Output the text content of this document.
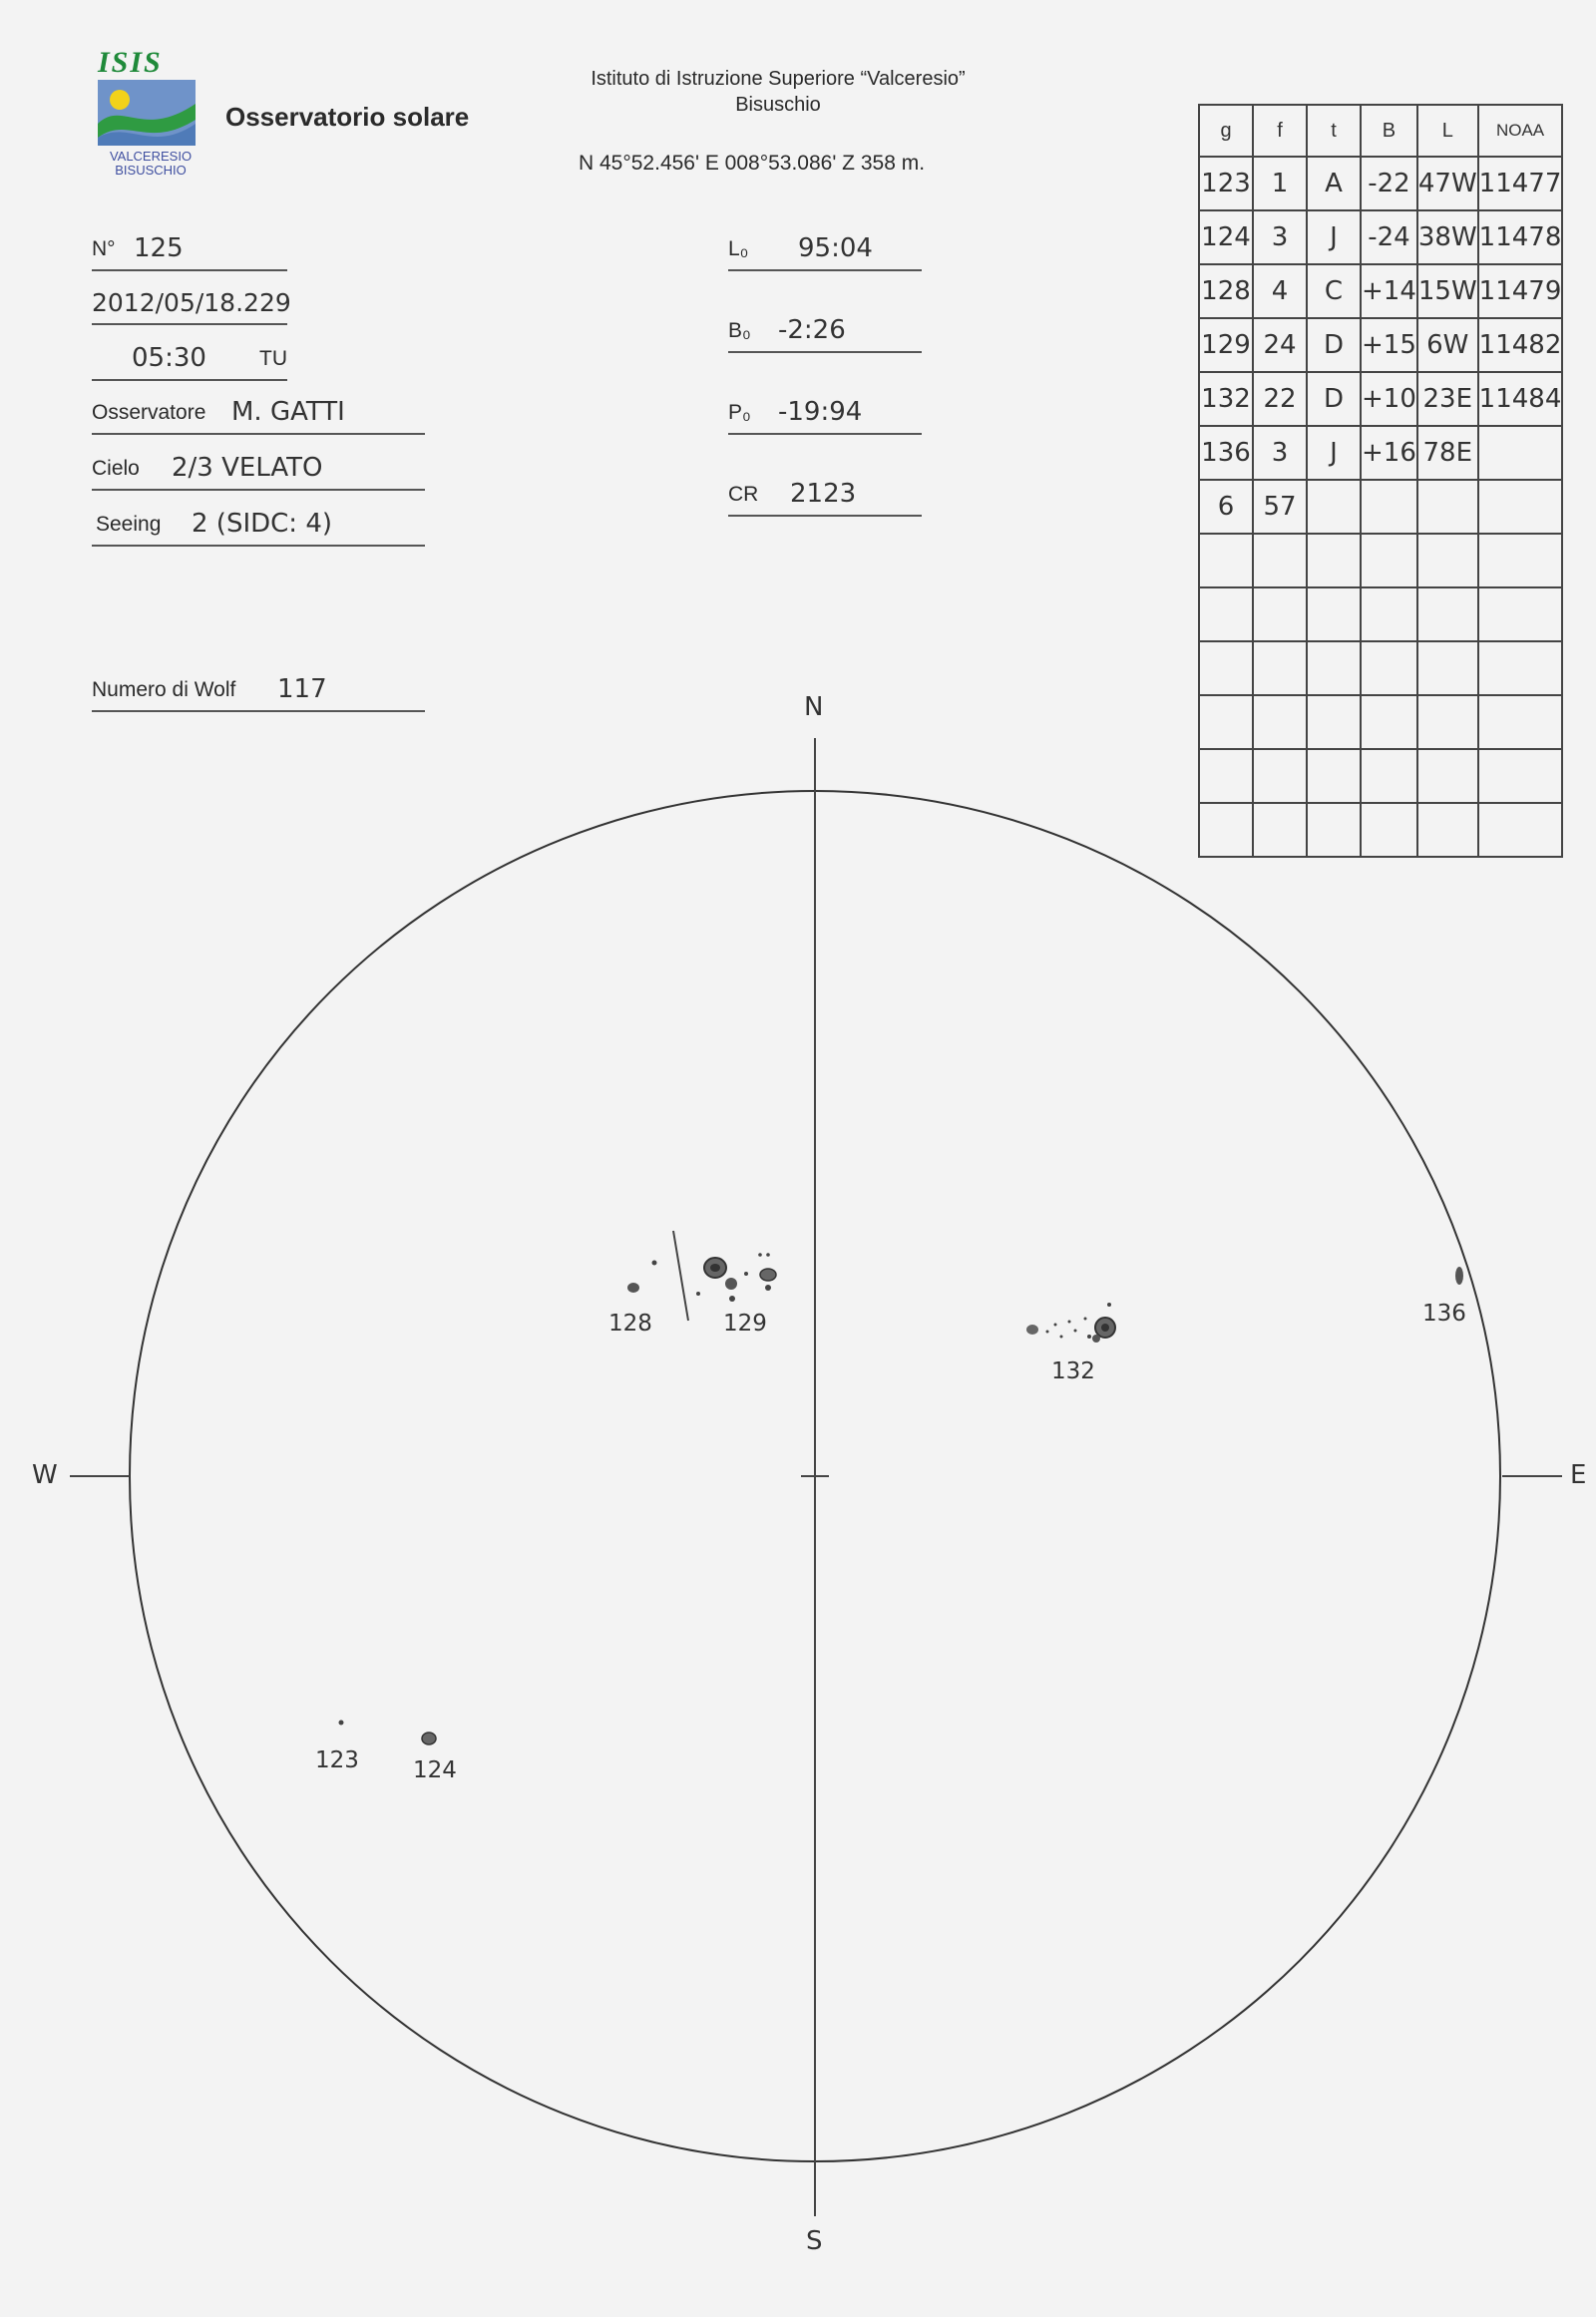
ISIS
VALCERESIO
BISUSCHIO
Osservatorio solare
Istituto di Istruzione Superiore “Valceresio”
Bisuschio
N 45°52.456' E 008°53.086' Z 358 m.
N° 125
2012/05/18.229
05:30	TU
Osservatore M. GATTI
Cielo 2/3 VELATO
Seeing 2 (SIDC: 4)
Numero di Wolf 117
L₀ 95:04
B₀ -2:26
P₀ -19:94
CR 2123
g	f	t	B	L	NOAA
123	1	A	-22	47W	11477
124	3	J	-24	38W	11478
128	4	C	+14	15W	11479
129	24	D	+15	6W	11482
132	22	D	+10	23E	11484
136	3	J	+16	78E	
6	57				

N
S
E
W
128	129
132
136
123 124
